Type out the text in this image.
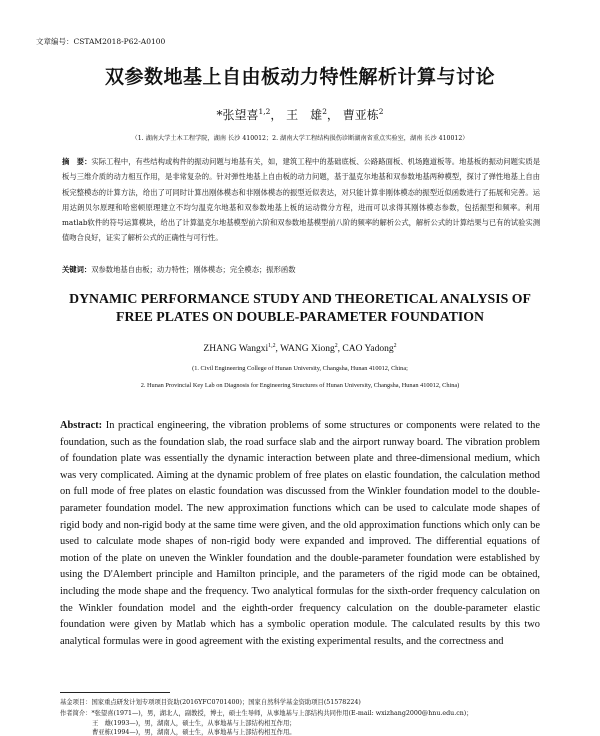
文章编号：CSTAM2018-P62-A0100
双参数地基上自由板动力特性解析计算与讨论
*张望喜$^{1,2}$， 王　雄$^2$， 曹亚栋$^2$
（1. 湖南大学土木工程学院，湖南 长沙 410012；2. 湖南大学工程结构损伤诊断湖南省重点实验室，湖南 长沙 410012）
摘　要：实际工程中，有些结构或构件的振动问题与地基有关，如，建筑工程中的基础底板、公路路面板、机场跑道板等。地基板的振动问题实质是板与三维介质的动力相互作用，是非常复杂的。针对弹性地基上自由板的动力问题，基于温克尔地基和双参数地基两种模型，探讨了弹性地基上自由板完整模态的计算方法，给出了可同时计算出刚体模态和非刚体模态的振型近似表达，对只能计算非刚体模态的振型近似函数进行了拓展和完善。运用达朗贝尔原理和哈密顿原理建立不均匀温克尔地基和双参数地基上板的运动微分方程，进而可以求得其刚体模态参数，包括振型和频率。利用matlab软件的符号运算模块，给出了计算温克尔地基模型前六阶和双参数地基模型前八阶的频率的解析公式，解析公式的计算结果与已有的试验实测值吻合良好，证实了解析公式的正确性与可行性。
关键词：双参数地基自由板；动力特性；刚体模态；完全模态；振形函数
DYNAMIC PERFORMANCE STUDY AND THEORETICAL ANALYSIS OF
FREE PLATES ON DOUBLE-PARAMETER FOUNDATION
ZHANG Wangxi$^{1,2}$, WANG Xiong$^2$, CAO Yadong$^2$
(1. Civil Engineering College of Hunan University, Changsha, Hunan 410012, China;
2. Hunan Provincial Key Lab on Diagnosis for Engineering Structures of Hunan University, Changsha, Hunan 410012, China)
Abstract: In practical engineering, the vibration problems of some structures or components were related to the foundation, such as the foundation slab, the road surface slab and the airport runway board. The vibration problem of foundation plate was essentially the dynamic interaction between plate and three-dimensional medium, which was very complicated. Aiming at the dynamic problem of free plates on elastic foundation, the calculation method on full mode of free plates on elastic foundation was discussed from the Winkler foundation model to the double-parameter foundation model. The new approximation functions which can be used to calculate mode shapes of rigid body and non-rigid body at the same time were given, and the old approximation functions which only can be used to calculate mode shapes of non-rigid body were expanded and improved. The differential equations of motion of the plate on uneven the Winkler foundation and the double-parameter foundation were established by using the D'Alembert principle and Hamilton principle, and the parameters of the rigid mode can be obtained, including the mode shape and the frequency. Two analytical formulas for the sixth-order frequency calculation on the Winkler foundation model and the eighth-order frequency calculation on the double-parameter elastic foundation were given by Matlab which has a symbolic operation module. The calculated results by this two analytical formulas were in good agreement with the existing experimental results, and the correctness and
基金项目：国家重点研发计划专项项目资助(2016YFC0701400)；国家自然科学基金资助项目(51578224)
作者简介：*张望喜(1971—)，男，湖北人，副教授，博士，硕士生导师，从事地基与上部结构共同作用(E-mail: wxizhang2000@hnu.edu.cn)；
王　雄(1993—)，男，湖南人，硕士生，从事地基与上部结构相互作用；
曹亚栋(1994—)，男，湖南人，硕士生，从事地基与上部结构相互作用。
